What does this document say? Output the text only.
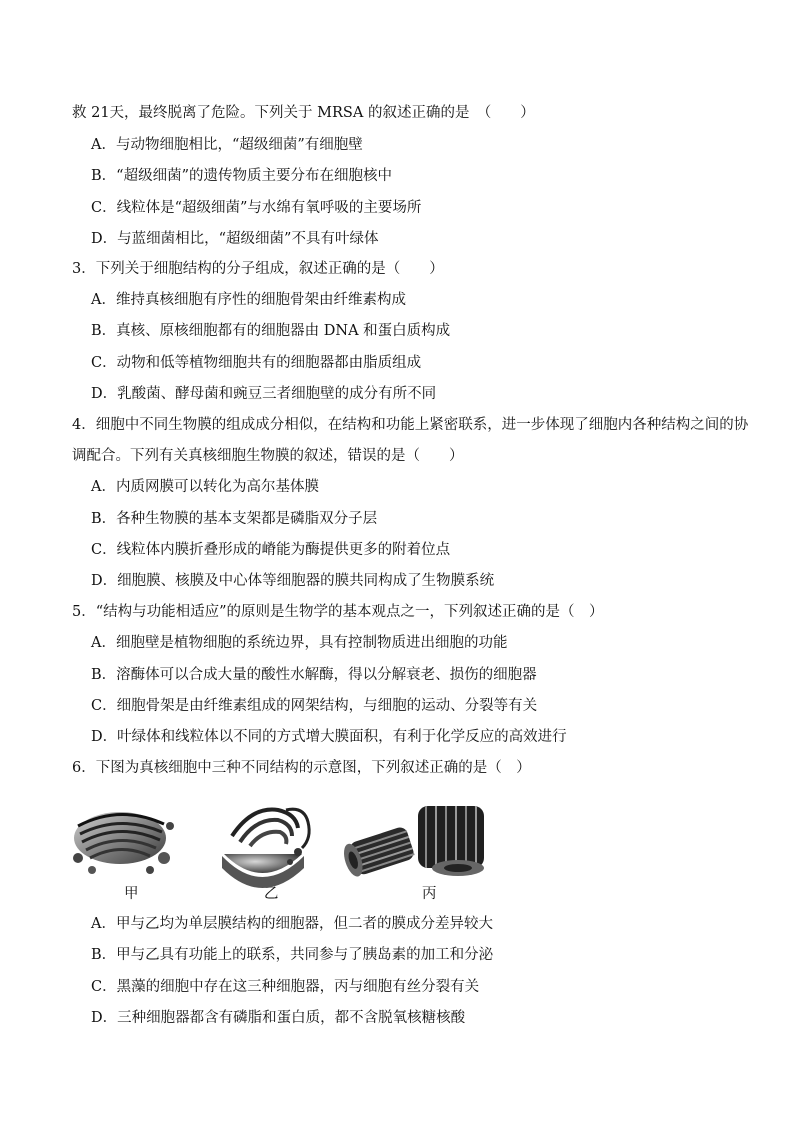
救 21天，最终脱离了危险。下列关于 MRSA 的叙述正确的是　（　　）
A．与动物细胞相比，“超级细菌”有细胞壁
B．“超级细菌”的遗传物质主要分布在细胞核中
C．线粒体是“超级细菌”与水绵有氧呼吸的主要场所
D．与蓝细菌相比，“超级细菌”不具有叶绿体
3．下列关于细胞结构的分子组成，叙述正确的是（　　）
A．维持真核细胞有序性的细胞骨架由纤维素构成
B．真核、原核细胞都有的细胞器由 DNA 和蛋白质构成
C．动物和低等植物细胞共有的细胞器都由脂质组成
D．乳酸菌、酵母菌和豌豆三者细胞壁的成分有所不同
4．细胞中不同生物膜的组成成分相似，在结构和功能上紧密联系，进一步体现了细胞内各种结构之间的协
调配合。下列有关真核细胞生物膜的叙述，错误的是（　　）
A．内质网膜可以转化为高尔基体膜
B．各种生物膜的基本支架都是磷脂双分子层
C．线粒体内膜折叠形成的嵴能为酶提供更多的附着位点
D．细胞膜、核膜及中心体等细胞器的膜共同构成了生物膜系统
5．“结构与功能相适应”的原则是生物学的基本观点之一，下列叙述正确的是（　）
A．细胞壁是植物细胞的系统边界，具有控制物质进出细胞的功能
B．溶酶体可以合成大量的酸性水解酶，得以分解衰老、损伤的细胞器
C．细胞骨架是由纤维素组成的网架结构，与细胞的运动、分裂等有关
D．叶绿体和线粒体以不同的方式增大膜面积，有利于化学反应的高效进行
6．下图为真核细胞中三种不同结构的示意图，下列叙述正确的是（　）
甲	乙	丙
A．甲与乙均为单层膜结构的细胞器，但二者的膜成分差异较大
B．甲与乙具有功能上的联系，共同参与了胰岛素的加工和分泌
C．黑藻的细胞中存在这三种细胞器，丙与细胞有丝分裂有关
D．三种细胞器都含有磷脂和蛋白质，都不含脱氧核糖核酸
